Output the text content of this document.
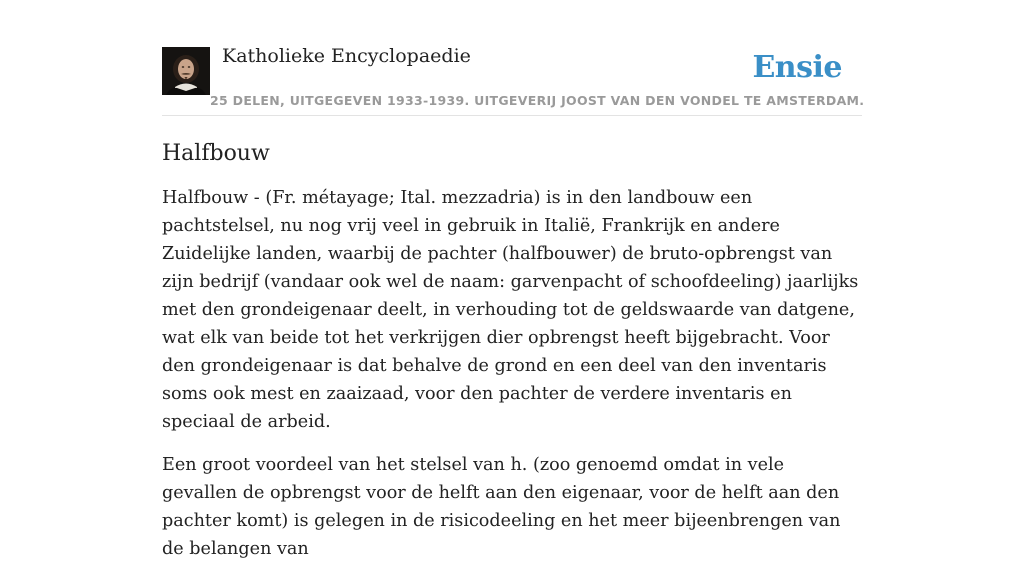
Katholieke Encyclopaedie
25 DELEN, UITGEGEVEN 1933-1939. UITGEVERIJ JOOST VAN DEN VONDEL TE AMSTERDAM.
Ensie
Halfbouw

Halfbouw - (Fr. métayage; Ital. mezzadria) is in den landbouw een pachtstelsel, nu nog vrij veel in gebruik in Italië, Frankrijk en andere Zuidelijke landen, waarbij de pachter (halfbouwer) de bruto-opbrengst van zijn bedrijf (vandaar ook wel de naam: garvenpacht of schoofdeeling) jaarlijks met den grondeigenaar deelt, in verhouding tot de geldswaarde van datgene, wat elk van beide tot het verkrijgen dier opbrengst heeft bijgebracht. Voor den grondeigenaar is dat behalve de grond en een deel van den inventaris soms ook mest en zaaizaad, voor den pachter de verdere inventaris en speciaal de arbeid.

Een groot voordeel van het stelsel van h. (zoo genoemd omdat in vele gevallen de opbrengst voor de helft aan den eigenaar, voor de helft aan den pachter komt) is gelegen in de risicodeeling en het meer bijeenbrengen van de belangen van
